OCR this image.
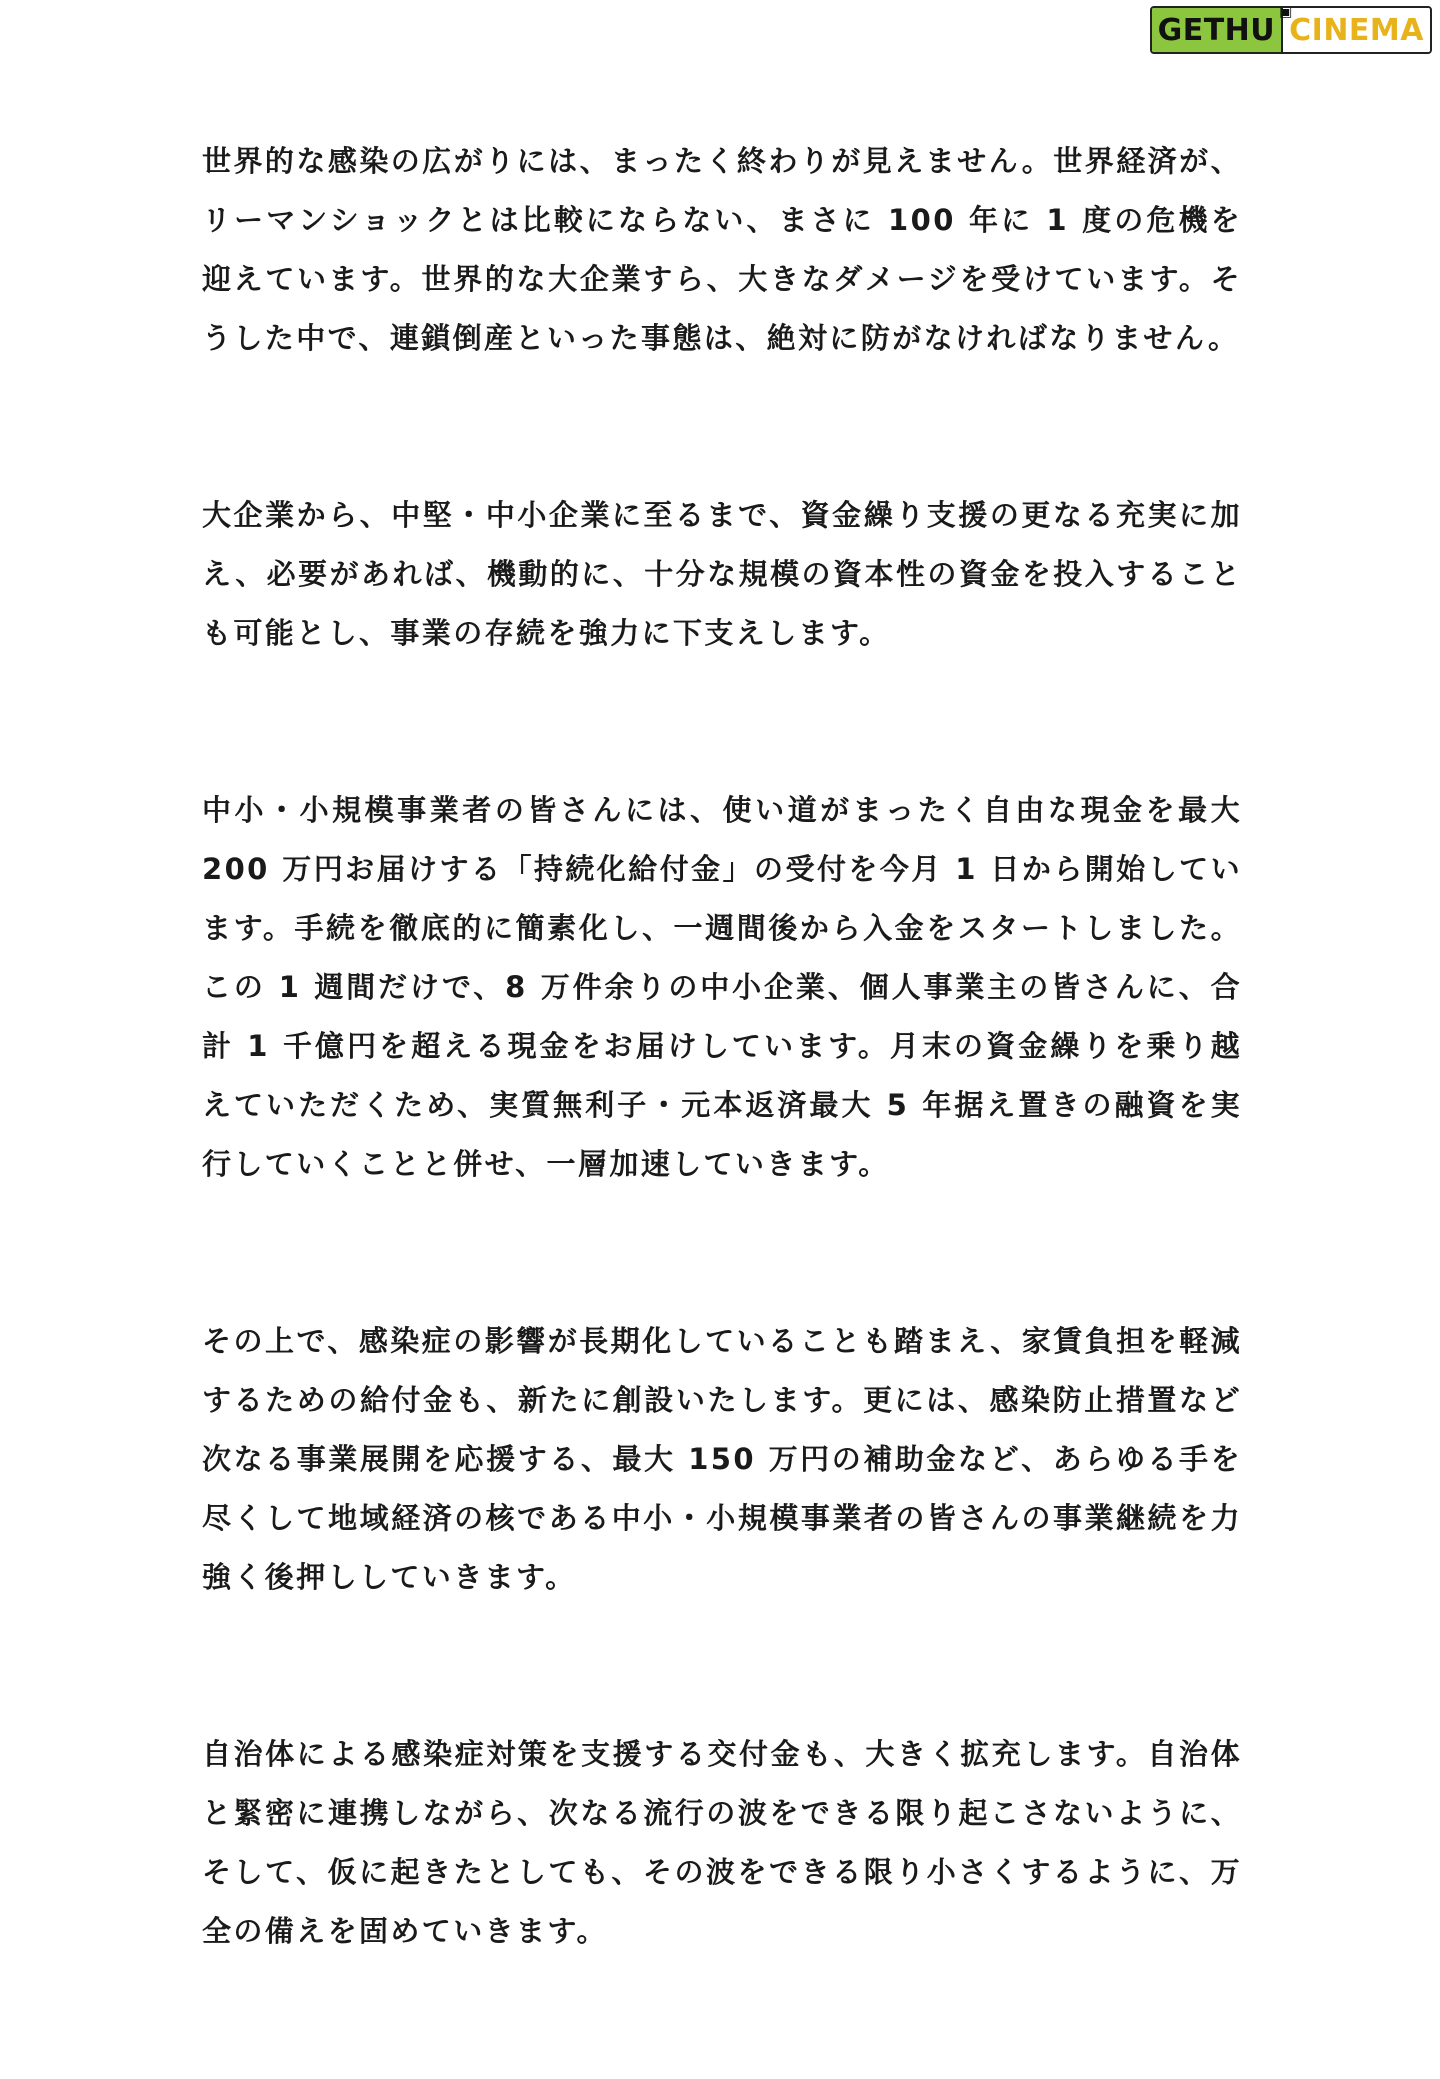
GETHU
▣
CINEMA

世界的な感染の広がりには、まったく終わりが見えません。世界経済が、リーマンショックとは比較にならない、まさに 100 年に 1 度の危機を迎えています。世界的な大企業すら、大きなダメージを受けています。そうした中で、連鎖倒産といった事態は、絶対に防がなければなりません。

大企業から、中堅・中小企業に至るまで、資金繰り支援の更なる充実に加え、必要があれば、機動的に、十分な規模の資本性の資金を投入することも可能とし、事業の存続を強力に下支えします。

中小・小規模事業者の皆さんには、使い道がまったく自由な現金を最大 200 万円お届けする「持続化給付金」の受付を今月 1 日から開始しています。手続を徹底的に簡素化し、一週間後から入金をスタートしました。この 1 週間だけで、8 万件余りの中小企業、個人事業主の皆さんに、合計 1 千億円を超える現金をお届けしています。月末の資金繰りを乗り越えていただくため、実質無利子・元本返済最大 5 年据え置きの融資を実行していくことと併せ、一層加速していきます。

その上で、感染症の影響が長期化していることも踏まえ、家賃負担を軽減するための給付金も、新たに創設いたします。更には、感染防止措置など次なる事業展開を応援する、最大 150 万円の補助金など、あらゆる手を尽くして地域経済の核である中小・小規模事業者の皆さんの事業継続を力強く後押ししていきます。

自治体による感染症対策を支援する交付金も、大きく拡充します。自治体と緊密に連携しながら、次なる流行の波をできる限り起こさないように、そして、仮に起きたとしても、その波をできる限り小さくするように、万全の備えを固めていきます。
